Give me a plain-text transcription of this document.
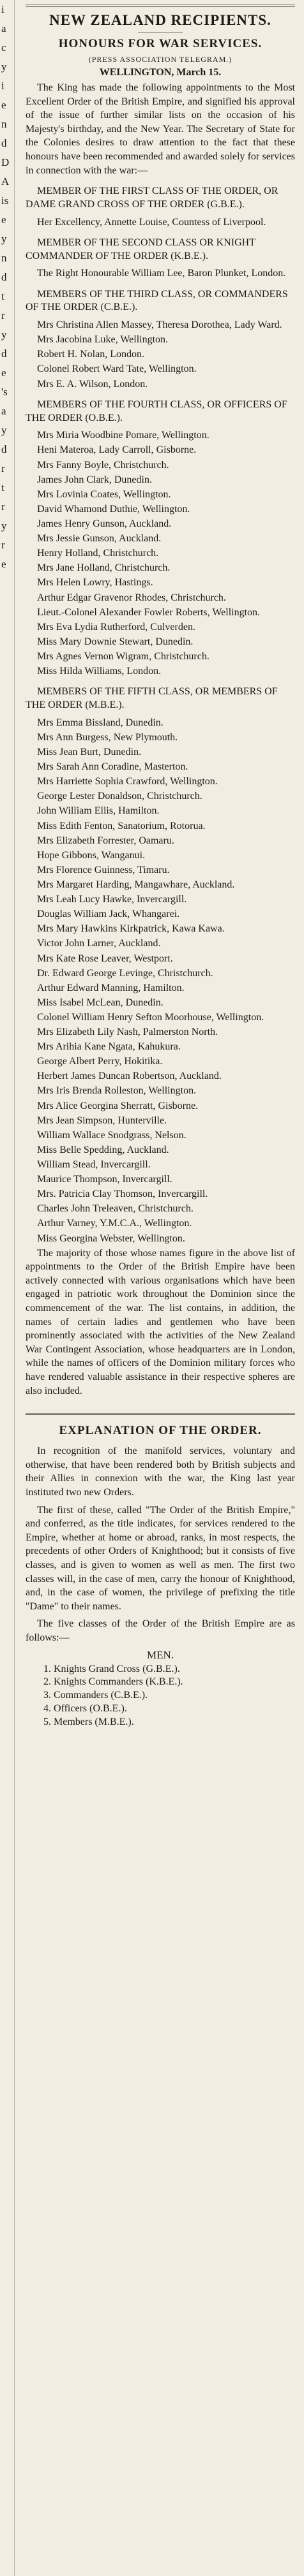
i
a
c
y
i
e
n
d
D
A
is
e
y
n
d
t
r
y
d
e
's
a
y
d
r
t
r
y
r
e
NEW ZEALAND RECIPIENTS.
HONOURS FOR WAR SERVICES.
(PRESS ASSOCIATION TELEGRAM.)
WELLINGTON, March 15.

The King has made the following appointments to the Most Excellent Order of the British Empire, and signified his approval of the issue of further similar lists on the occasion of his Majesty's birthday, and the New Year. The Secretary of State for the Colonies desires to draw attention to the fact that these honours have been recommended and awarded solely for services in connection with the war:—

MEMBER OF THE FIRST CLASS OF THE ORDER, OR DAME GRAND CROSS OF THE ORDER (G.B.E.).
Her Excellency, Annette Louise, Countess of Liverpool.
MEMBER OF THE SECOND CLASS OR KNIGHT COMMANDER OF THE ORDER (K.B.E.).
The Right Honourable William Lee, Baron Plunket, London.
MEMBERS OF THE THIRD CLASS, OR COMMANDERS OF THE ORDER (C.B.E.).
Mrs Christina Allen Massey, Theresa Dorothea, Lady Ward.
Mrs Jacobina Luke, Wellington.
Robert H. Nolan, London.
Colonel Robert Ward Tate, Wellington.
Mrs E. A. Wilson, London.
MEMBERS OF THE FOURTH CLASS, OR OFFICERS OF THE ORDER (O.B.E.).
Mrs Miria Woodbine Pomare, Wellington.
Heni Materoa, Lady Carroll, Gisborne.
Mrs Fanny Boyle, Christchurch.
James John Clark, Dunedin.
Mrs Lovinia Coates, Wellington.
David Whamond Duthie, Wellington.
James Henry Gunson, Auckland.
Mrs Jessie Gunson, Auckland.
Henry Holland, Christchurch.
Mrs Jane Holland, Christchurch.
Mrs Helen Lowry, Hastings.
Arthur Edgar Gravenor Rhodes, Christchurch.
Lieut.-Colonel Alexander Fowler Roberts, Wellington.
Mrs Eva Lydia Rutherford, Culverden.
Miss Mary Downie Stewart, Dunedin.
Mrs Agnes Vernon Wigram, Christchurch.
Miss Hilda Williams, London.
MEMBERS OF THE FIFTH CLASS, OR MEMBERS OF THE ORDER (M.B.E.).
Mrs Emma Bissland, Dunedin.
Mrs Ann Burgess, New Plymouth.
Miss Jean Burt, Dunedin.
Mrs Sarah Ann Coradine, Masterton.
Mrs Harriette Sophia Crawford, Wellington.
George Lester Donaldson, Christchurch.
John William Ellis, Hamilton.
Miss Edith Fenton, Sanatorium, Rotorua.
Mrs Elizabeth Forrester, Oamaru.
Hope Gibbons, Wanganui.
Mrs Florence Guinness, Timaru.
Mrs Margaret Harding, Mangawhare, Auckland.
Mrs Leah Lucy Hawke, Invercargill.
Douglas William Jack, Whangarei.
Mrs Mary Hawkins Kirkpatrick, Kawa Kawa.
Victor John Larner, Auckland.
Mrs Kate Rose Leaver, Westport.
Dr. Edward George Levinge, Christchurch.
Arthur Edward Manning, Hamilton.
Miss Isabel McLean, Dunedin.
Colonel William Henry Sefton Moorhouse, Wellington.
Mrs Elizabeth Lily Nash, Palmerston North.
Mrs Arihia Kane Ngata, Kahukura.
George Albert Perry, Hokitika.
Herbert James Duncan Robertson, Auckland.
Mrs Iris Brenda Rolleston, Wellington.
Mrs Alice Georgina Sherratt, Gisborne.
Mrs Jean Simpson, Hunterville.
William Wallace Snodgrass, Nelson.
Miss Belle Spedding, Auckland.
William Stead, Invercargill.
Maurice Thompson, Invercargill.
Mrs. Patricia Clay Thomson, Invercargill.
Charles John Treleaven, Christchurch.
Arthur Varney, Y.M.C.A., Wellington.
Miss Georgina Webster, Wellington.

The majority of those whose names figure in the above list of appointments to the Order of the British Empire have been actively connected with various organisations which have been engaged in patriotic work throughout the Dominion since the commencement of the war. The list contains, in addition, the names of certain ladies and gentlemen who have been prominently associated with the activities of the New Zealand War Contingent Association, whose headquarters are in London, while the names of officers of the Dominion military forces who have rendered valuable assistance in their respective spheres are also included.

EXPLANATION OF THE ORDER.

In recognition of the manifold services, voluntary and otherwise, that have been rendered both by British subjects and their Allies in connexion with the war, the King last year instituted two new Orders.

The first of these, called "The Order of the British Empire," and conferred, as the title indicates, for services rendered to the Empire, whether at home or abroad, ranks, in most respects, the precedents of other Orders of Knighthood; but it consists of five classes, and is given to women as well as men. The first two classes will, in the case of men, carry the honour of Knighthood, and, in the case of women, the privilege of prefixing the title "Dame" to their names.

The five classes of the Order of the British Empire are as follows:—

MEN.
1. Knights Grand Cross (G.B.E.).
2. Knights Commanders (K.B.E.).
3. Commanders (C.B.E.).
4. Officers (O.B.E.).
5. Members (M.B.E.).
